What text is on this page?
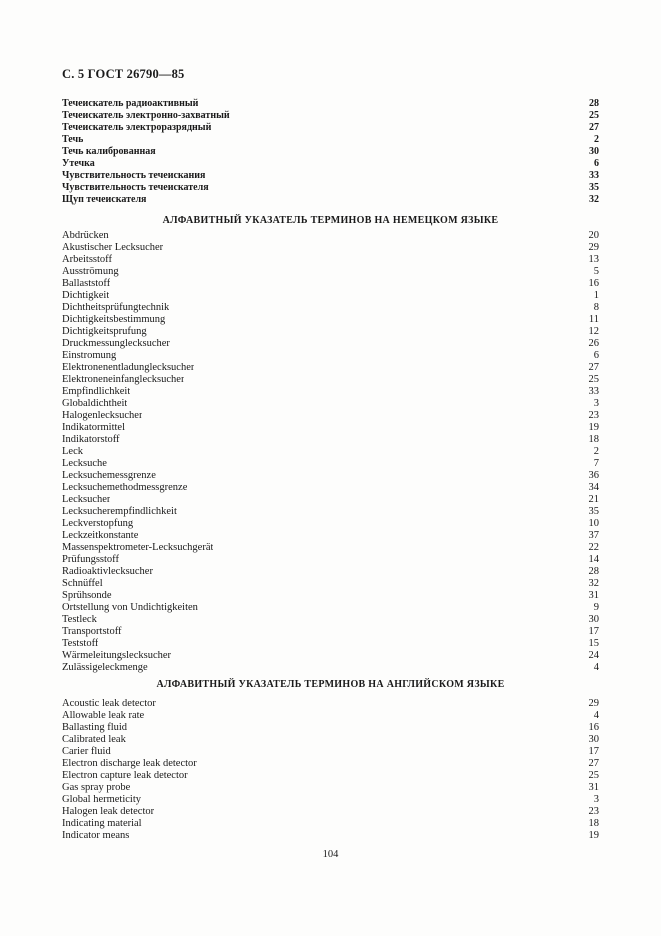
С. 5 ГОСТ 26790—85
Течеискатель радиоактивный	28
Течеискатель электронно-захватный	25
Течеискатель электроразрядный	27
Течь	2
Течь калиброванная	30
Утечка	6
Чувствительность течеискания	33
Чувствительность течеискателя	35
Щуп течеискателя	32
АЛФАВИТНЫЙ УКАЗАТЕЛЬ ТЕРМИНОВ НА НЕМЕЦКОМ ЯЗЫКЕ
Abdrücken	20
Akustischer Lecksucher	29
Arbeitsstoff	13
Ausströmung	5
Ballaststoff	16
Dichtigkeit	1
Dichtheitsprüfungtechnik	8
Dichtigkeitsbestimmung	11
Dichtigkeitsprufung	12
Druckmessunglecksucher	26
Einstromung	6
Elektronenentladunglecksucher	27
Elektroneneinfanglecksucher	25
Empfindlichkeit	33
Globaldichtheit	3
Halogenlecksucher	23
Indikatormittel	19
Indikatorstoff	18
Leck	2
Lecksuche	7
Lecksuchemessgrenze	36
Lecksuchemethodmessgrenze	34
Lecksucher	21
Lecksucherempfindlichkeit	35
Leckverstopfung	10
Leckzeitkonstante	37
Massenspektrometer-Lecksuchgerät	22
Prüfungsstoff	14
Radioaktivlecksucher	28
Schnüffel	32
Sprühsonde	31
Ortstellung von Undichtigkeiten	9
Testleck	30
Transportstoff	17
Teststoff	15
Wärmeleitungslecksucher	24
Zulässigeleckmenge	4
АЛФАВИТНЫЙ УКАЗАТЕЛЬ ТЕРМИНОВ НА АНГЛИЙСКОМ ЯЗЫКЕ
Acoustic leak detector	29
Allowable leak rate	4
Ballasting fluid	16
Calibrated leak	30
Carier fluid	17
Electron discharge leak detector	27
Electron capture leak detector	25
Gas spray probe	31
Global hermeticity	3
Halogen leak detector	23
Indicating material	18
Indicator means	19
104
